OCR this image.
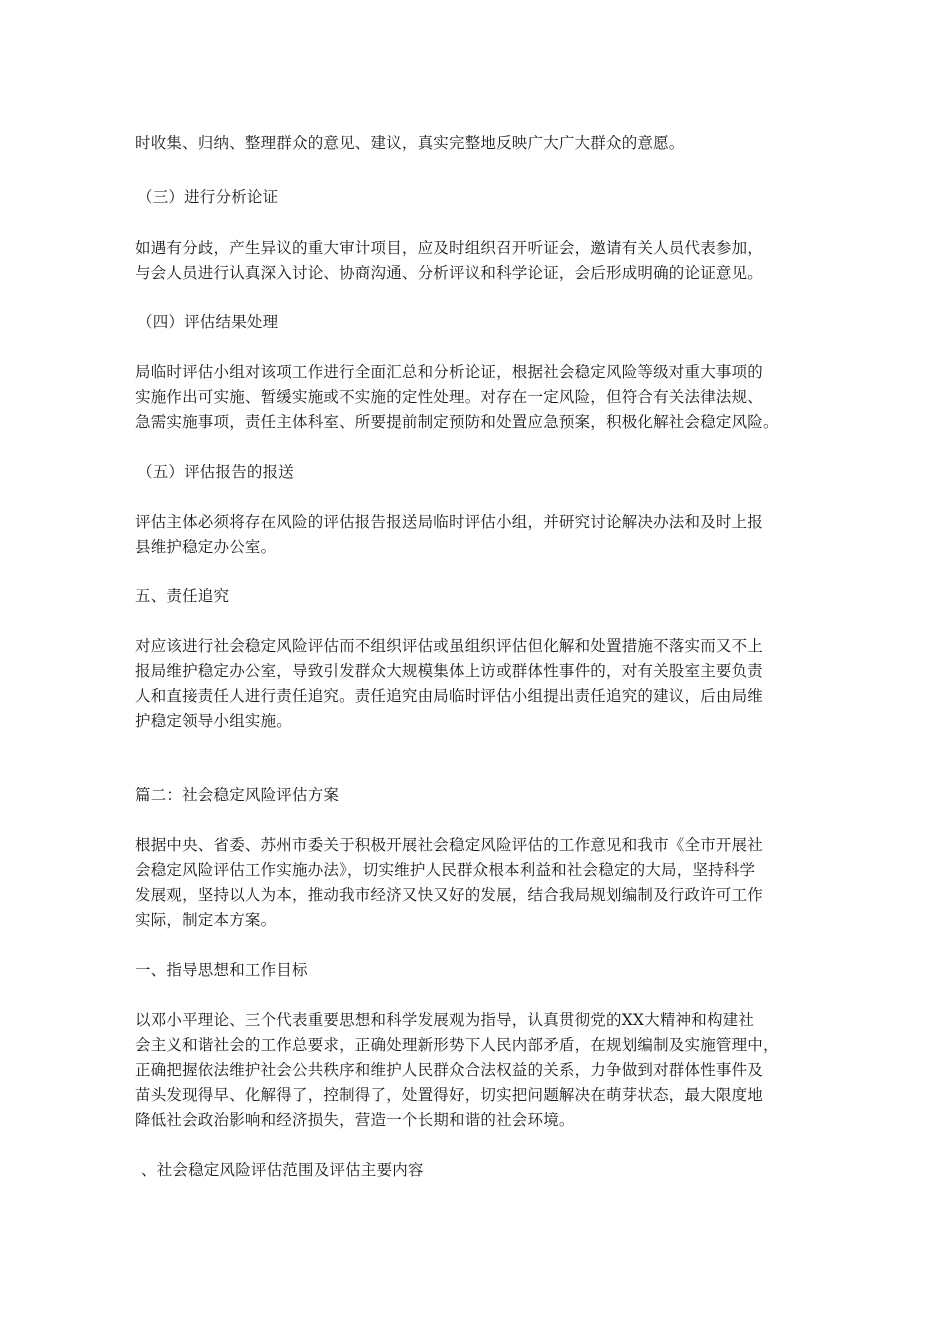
时收集、归纳、整理群众的意见、建议，真实完整地反映广大广大群众的意愿。
（三）进行分析论证
如遇有分歧，产生异议的重大审计项目，应及时组织召开听证会，邀请有关人员代表参加，
与会人员进行认真深入讨论、协商沟通、分析评议和科学论证，会后形成明确的论证意见。
（四）评估结果处理
局临时评估小组对该项工作进行全面汇总和分析论证，根据社会稳定风险等级对重大事项的
实施作出可实施、暂缓实施或不实施的定性处理。对存在一定风险，但符合有关法律法规、
急需实施事项，责任主体科室、所要提前制定预防和处置应急预案，积极化解社会稳定风险。
（五）评估报告的报送
评估主体必须将存在风险的评估报告报送局临时评估小组，并研究讨论解决办法和及时上报
县维护稳定办公室。
五、责任追究
对应该进行社会稳定风险评估而不组织评估或虽组织评估但化解和处置措施不落实而又不上
报局维护稳定办公室，导致引发群众大规模集体上访或群体性事件的，对有关股室主要负责
人和直接责任人进行责任追究。责任追究由局临时评估小组提出责任追究的建议，后由局维
护稳定领导小组实施。
篇二：社会稳定风险评估方案
根据中央、省委、苏州市委关于积极开展社会稳定风险评估的工作意见和我市《全市开展社
会稳定风险评估工作实施办法》，切实维护人民群众根本利益和社会稳定的大局，坚持科学
发展观，坚持以人为本，推动我市经济又快又好的发展，结合我局规划编制及行政许可工作
实际，制定本方案。
一、指导思想和工作目标
以邓小平理论、三个代表重要思想和科学发展观为指导，认真贯彻党的XX大精神和构建社
会主义和谐社会的工作总要求，正确处理新形势下人民内部矛盾，在规划编制及实施管理中，
正确把握依法维护社会公共秩序和维护人民群众合法权益的关系，力争做到对群体性事件及
苗头发现得早、化解得了，控制得了，处置得好，切实把问题解决在萌芽状态，最大限度地
降低社会政治影响和经济损失，营造一个长期和谐的社会环境。
、社会稳定风险评估范围及评估主要内容
